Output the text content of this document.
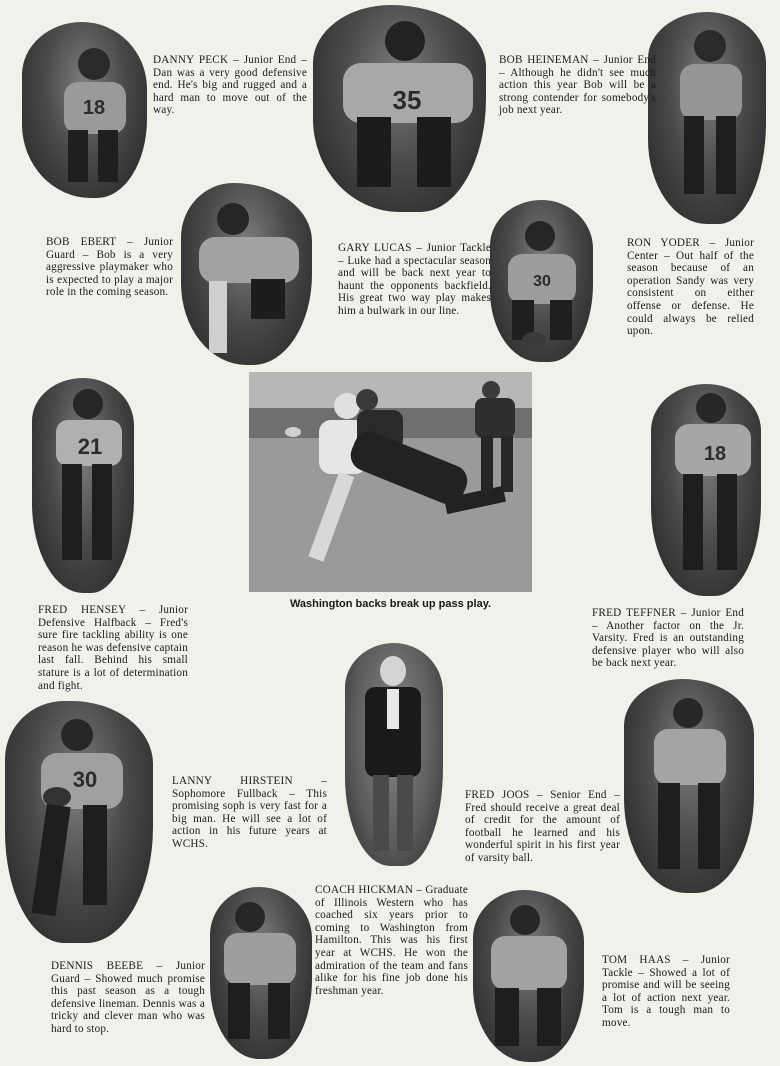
18	35
30
21	18
30
Washington backs break up pass play.
DANNY PECK – Junior End – Dan was a very good defensive end. He's big and rugged and a hard man to move out of the way.
BOB HEINEMAN – Junior End – Although he didn't see much action this year Bob will be a strong contender for somebody's job next year.
BOB EBERT – Junior Guard – Bob is a very aggressive playmaker who is expected to play a major role in the coming season.
GARY LUCAS – Junior Tackle – Luke had a spectacular season and will be back next year to haunt the opponents backfield. His great two way play makes him a bulwark in our line.
RON YODER – Junior Center – Out half of the season because of an operation Sandy was very consistent on either offense or defense. He could always be relied upon.
FRED HENSEY – Junior Defensive Halfback – Fred's sure fire tackling ability is one reason he was defensive captain last fall. Behind his small stature is a lot of determination and fight.
FRED TEFFNER – Junior End – Another factor on the Jr. Varsity. Fred is an outstanding defensive player who will also be back next year.
LANNY HIRSTEIN – Sophomore Fullback – This promising soph is very fast for a big man. He will see a lot of action in his future years at WCHS.
FRED JOOS – Senior End – Fred should receive a great deal of credit for the amount of football he learned and his wonderful spirit in his first year of varsity ball.
COACH HICKMAN – Graduate of Illinois Western who has coached six years prior to coming to Washington from Hamilton. This was his first year at WCHS. He won the admiration of the team and fans alike for his fine job done his freshman year.
DENNIS BEEBE – Junior Guard – Showed much promise this past season as a tough defensive lineman. Dennis was a tricky and clever man who was hard to stop.
TOM HAAS – Junior Tackle – Showed a lot of promise and will be seeing a lot of action next year. Tom is a tough man to move.
